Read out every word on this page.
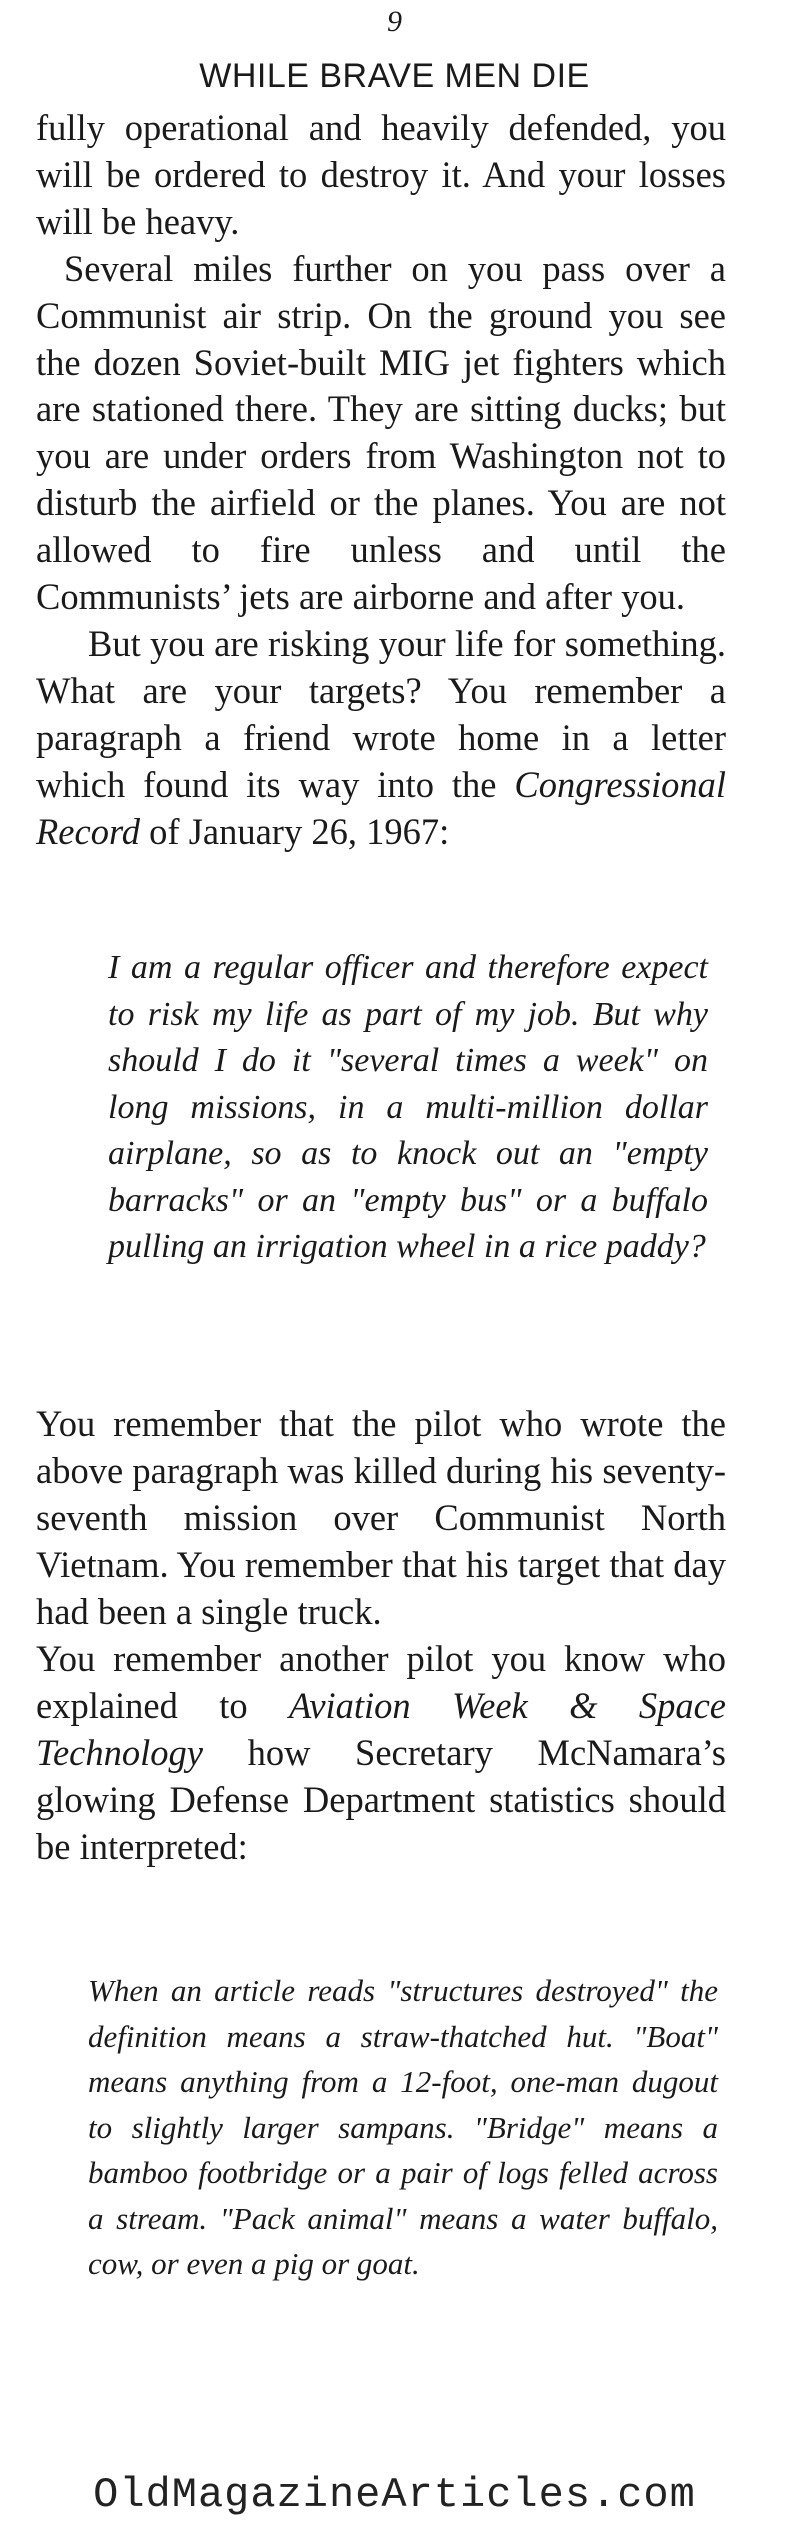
9
WHILE BRAVE MEN DIE

fully operational and heavily defended, you will be ordered to destroy it. And your losses will be heavy.

Several miles further on you pass over a Communist air strip. On the ground you see the dozen Soviet-built MIG jet fighters which are stationed there. They are sitting ducks; but you are under orders from Washington not to disturb the airfield or the planes. You are not allowed to fire unless and until the Communists’ jets are airborne and after you.

But you are risking your life for something. What are your targets? You remember a paragraph a friend wrote home in a letter which found its way into the Congressional Record of January 26, 1967:

I am a regular officer and therefore expect to risk my life as part of my job. But why should I do it "several times a week" on long missions, in a multi-million dollar airplane, so as to knock out an "empty barracks" or an "empty bus" or a buffalo pulling an irrigation wheel in a rice paddy?

You remember that the pilot who wrote the above paragraph was killed during his seventy-seventh mission over Communist North Vietnam. You remember that his target that day had been a single truck.

You remember another pilot you know who explained to Aviation Week & Space Technology how Secretary McNamara’s glowing Defense Department statistics should be interpreted:

When an article reads "structures destroyed" the definition means a straw-thatched hut. "Boat" means anything from a 12-foot, one-man dugout to slightly larger sampans. "Bridge" means a bamboo footbridge or a pair of logs felled across a stream. "Pack animal" means a water buffalo, cow, or even a pig or goat.

OldMagazineArticles.com
